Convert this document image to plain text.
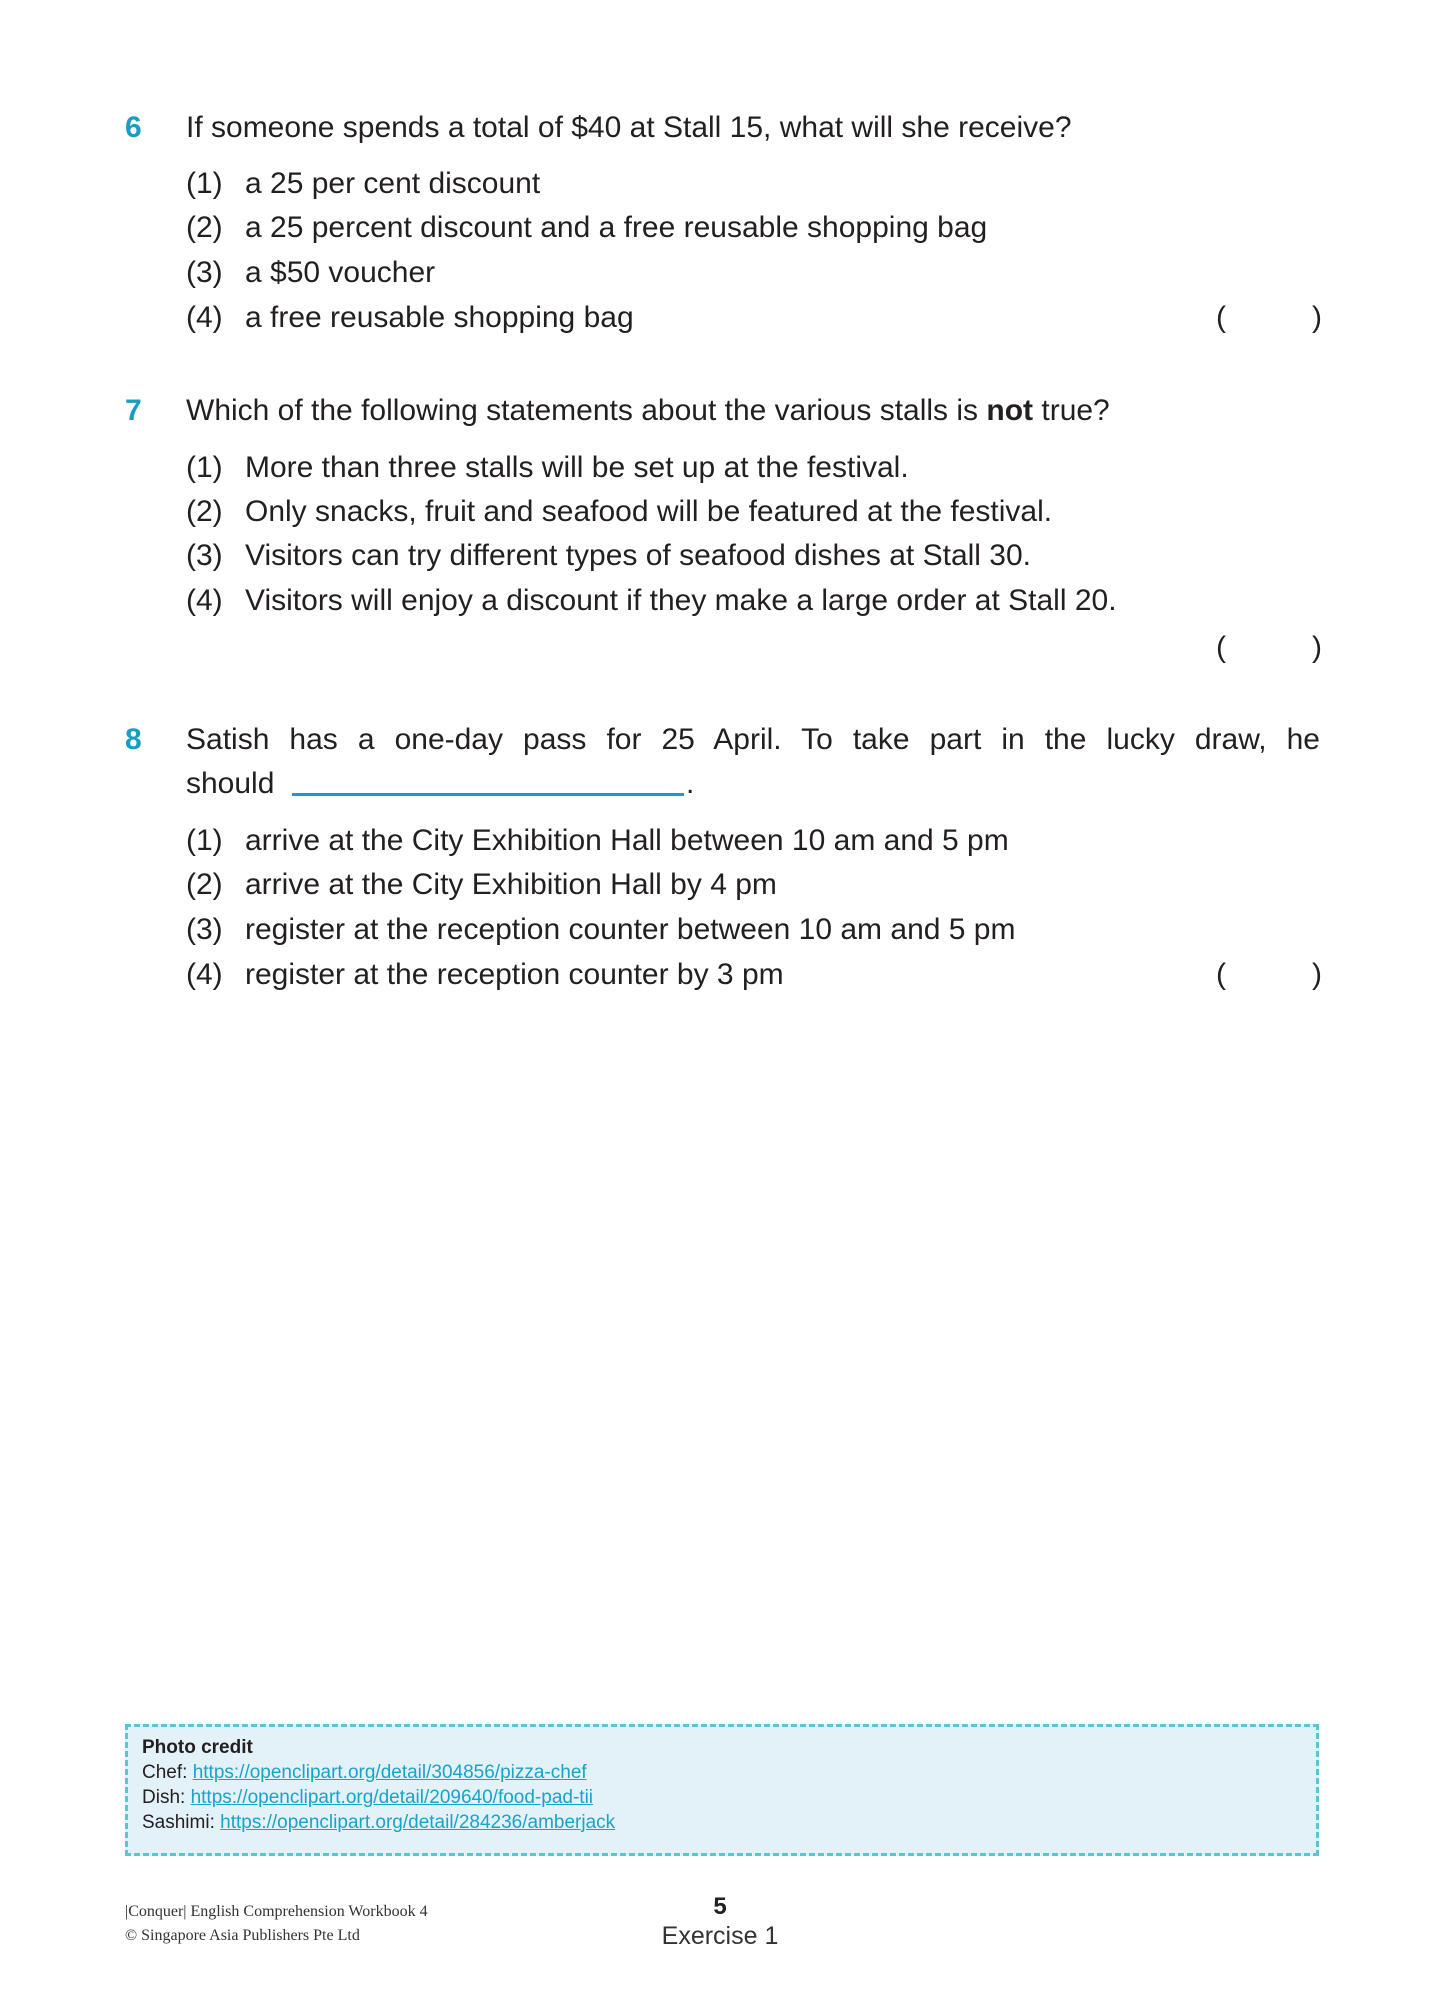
6 If someone spends a total of $40 at Stall 15, what will she receive?
(1) a 25 per cent discount
(2) a 25 percent discount and a free reusable shopping bag
(3) a $50 voucher
(4) a free reusable shopping bag	(	)
7 Which of the following statements about the various stalls is not true?
(1) More than three stalls will be set up at the festival.
(2) Only snacks, fruit and seafood will be featured at the festival.
(3) Visitors can try different types of seafood dishes at Stall 30.
(4) Visitors will enjoy a discount if they make a large order at Stall 20.
(	)
8 Satish has a one-day pass for 25 April. To take part in the lucky draw, he
should	.
(1) arrive at the City Exhibition Hall between 10 am and 5 pm
(2) arrive at the City Exhibition Hall by 4 pm
(3) register at the reception counter between 10 am and 5 pm
(4) register at the reception counter by 3 pm	(	)
Photo credit
Chef: https://openclipart.org/detail/304856/pizza-chef
Dish: https://openclipart.org/detail/209640/food-pad-tii
Sashimi: https://openclipart.org/detail/284236/amberjack
|Conquer| English Comprehension Workbook 4
© Singapore Asia Publishers Pte Ltd
5
Exercise 1
